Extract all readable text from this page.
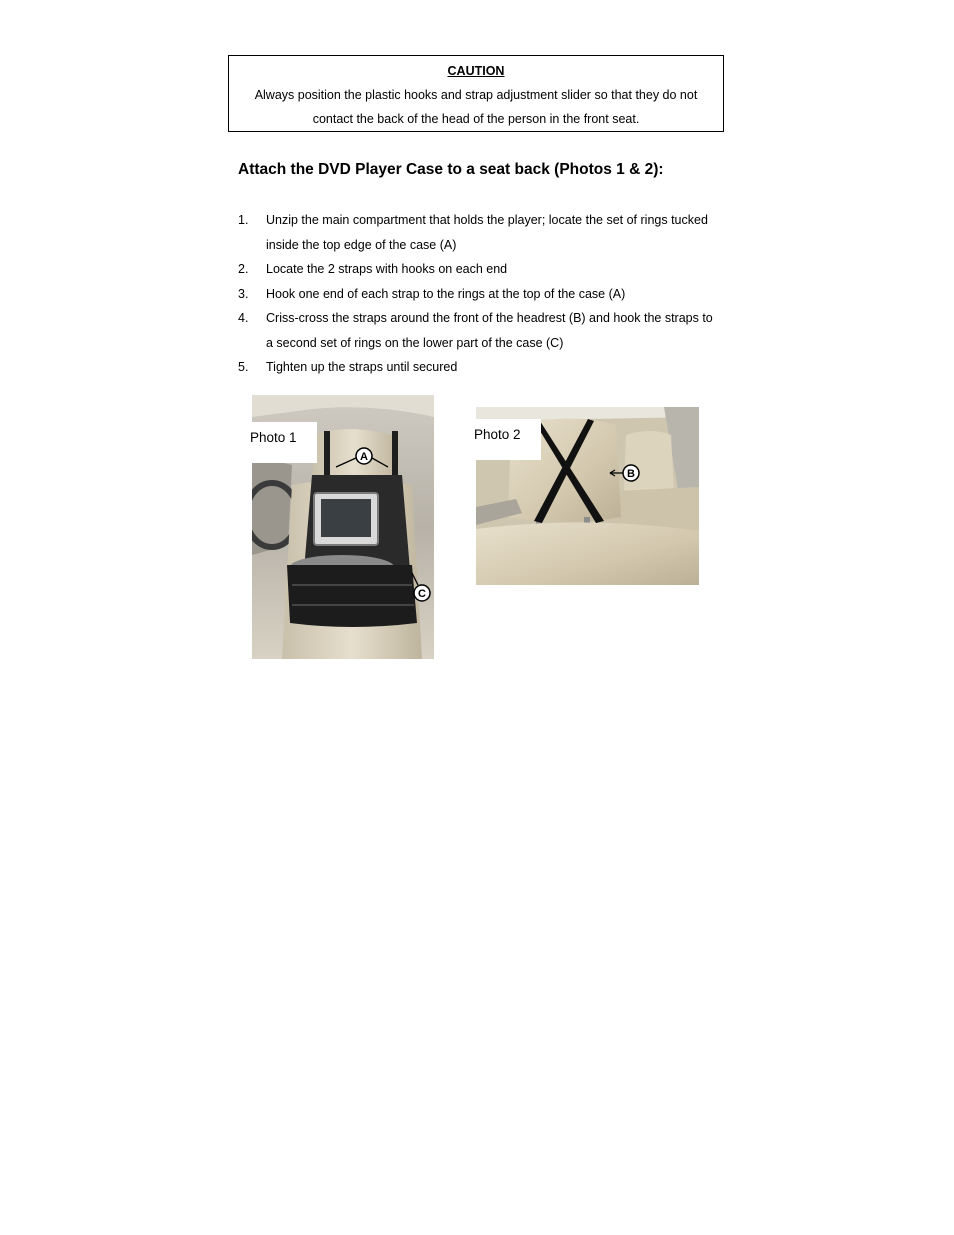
CAUTION
Always position the plastic hooks and strap adjustment slider so that they do not
contact the back of the head of the person in the front seat.
Attach the DVD Player Case to a seat back (Photos 1 & 2):
1.	Unzip the main compartment that holds the player; locate the set of rings tucked
inside the top edge of the case (A)
2.	Locate the 2 straps with hooks on each end
3.	Hook one end of each strap to the rings at the top of the case (A)
4.	Criss-cross the straps around the front of the headrest (B) and hook the straps to
a second set of rings on the lower part of the case (C)
5.	Tighten up the straps until secured
A
C
Photo 1
B
Photo 2
